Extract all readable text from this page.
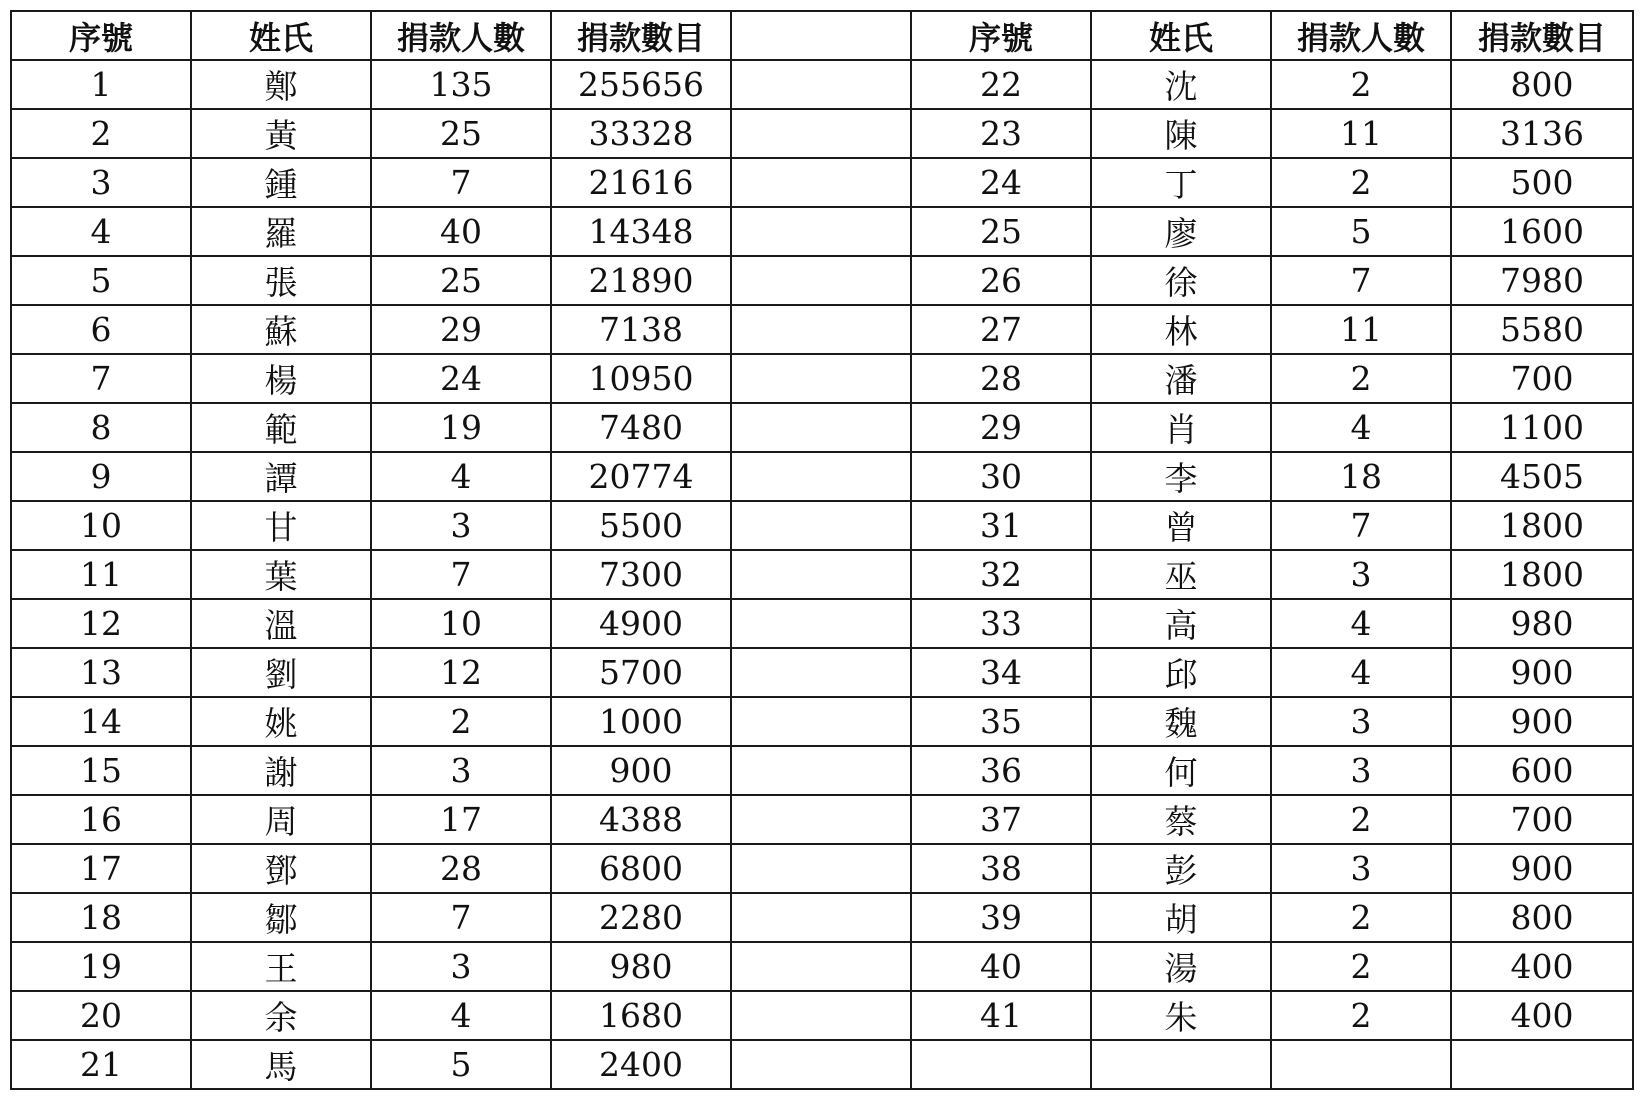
序號	姓氏	捐款人數	捐款數目		序號	姓氏	捐款人數	捐款數目
1	鄭	135	255656		22	沈	2	800
2	黃	25	33328		23	陳	11	3136
3	鍾	7	21616		24	丁	2	500
4	羅	40	14348		25	廖	5	1600
5	張	25	21890		26	徐	7	7980
6	蘇	29	7138		27	林	11	5580
7	楊	24	10950		28	潘	2	700
8	範	19	7480		29	肖	4	1100
9	譚	4	20774		30	李	18	4505
10	甘	3	5500		31	曾	7	1800
11	葉	7	7300		32	巫	3	1800
12	溫	10	4900		33	高	4	980
13	劉	12	5700		34	邱	4	900
14	姚	2	1000		35	魏	3	900
15	謝	3	900		36	何	3	600
16	周	17	4388		37	蔡	2	700
17	鄧	28	6800		38	彭	3	900
18	鄒	7	2280		39	胡	2	800
19	王	3	980		40	湯	2	400
20	余	4	1680		41	朱	2	400
21	馬	5	2400					
